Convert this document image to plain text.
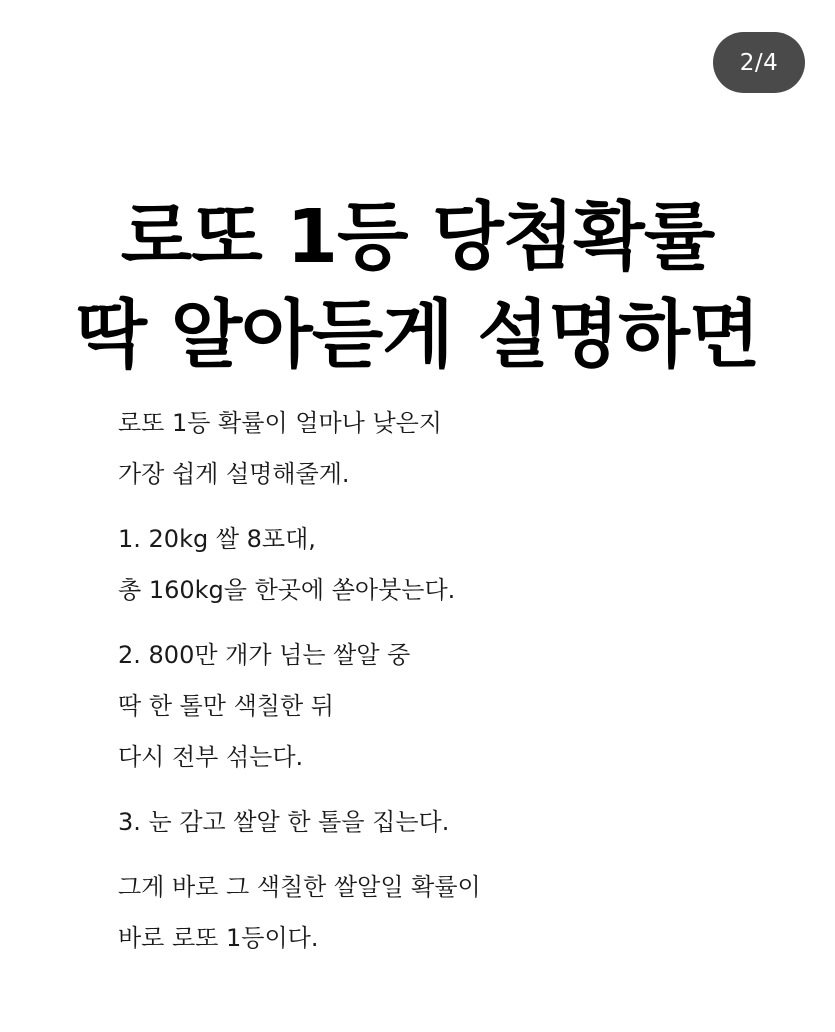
2/4
로또 1등 당첨확률
딱 알아듣게 설명하면
로또 1등 확률이 얼마나 낮은지
가장 쉽게 설명해줄게.
1. 20kg 쌀 8포대,
총 160kg을 한곳에 쏟아붓는다.
2. 800만 개가 넘는 쌀알 중
딱 한 톨만 색칠한 뒤
다시 전부 섞는다.
3. 눈 감고 쌀알 한 톨을 집는다.
그게 바로 그 색칠한 쌀알일 확률이
바로 로또 1등이다.
